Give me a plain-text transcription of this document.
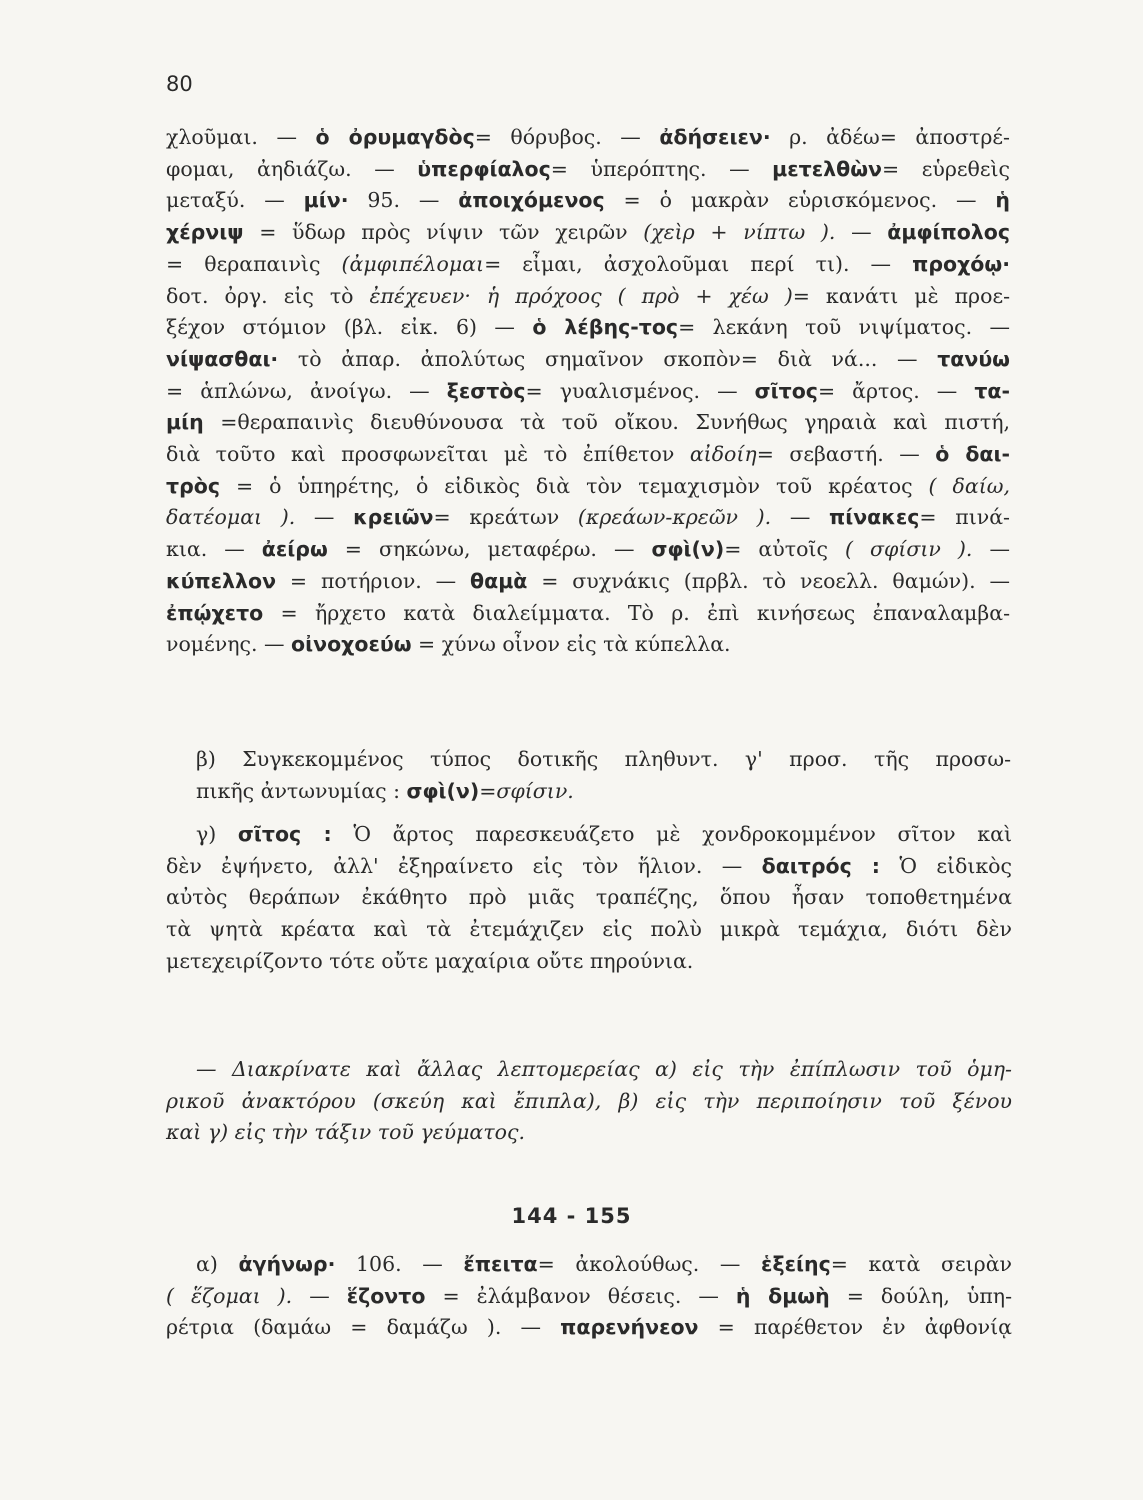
80
χλοῦμαι. — ὁ ὀρυμαγδὸς= θόρυβος. — ἀδήσειεν· ρ. ἀδέω= ἀποστρέ-
φομαι, ἀηδιάζω. — ὑπερφίαλος= ὑπερόπτης. — μετελθὼν= εὑρεθεὶς
μεταξύ. — μίν· 95. — ἀποιχόμενος = ὁ μακρὰν εὑρισκόμενος. — ἡ
χέρνιψ = ὕδωρ πρὸς νίψιν τῶν χειρῶν (χεὶρ + νίπτω ). — ἀμφίπολος
= θεραπαινὶς (ἀμφιπέλομαι= εἶμαι, ἀσχολοῦμαι περί τι). — προχόῳ·
δοτ. ὀργ. εἰς τὸ ἐπέχευεν· ἡ πρόχοος ( πρὸ + χέω )= κανάτι μὲ προε-
ξέχον στόμιον (βλ. εἰκ. 6) — ὁ λέβης-τος= λεκάνη τοῦ νιψίματος. —
νίψασθαι· τὸ ἀπαρ. ἀπολύτως σημαῖνον σκοπὸν= διὰ νά... — τανύω
= ἁπλώνω, ἀνοίγω. — ξεστὸς= γυαλισμένος. — σῖτος= ἄρτος. — τα-
μίη =θεραπαινὶς διευθύνουσα τὰ τοῦ οἴκου. Συνήθως γηραιὰ καὶ πιστή,
διὰ τοῦτο καὶ προσφωνεῖται μὲ τὸ ἐπίθετον αἰδοίη= σεβαστή. — ὁ δαι-
τρὸς = ὁ ὑπηρέτης, ὁ εἰδικὸς διὰ τὸν τεμαχισμὸν τοῦ κρέατος ( δαίω,
δατέομαι ). — κρειῶν= κρεάτων (κρεάων-κρεῶν ). — πίνακες= πινά-
κια. — ἀείρω = σηκώνω, μεταφέρω. — σφὶ(ν)= αὐτοῖς ( σφίσιν ). —
κύπελλον = ποτήριον. — θαμὰ = συχνάκις (πρβλ. τὸ νεοελλ. θαμών). —
ἐπῴχετο = ἤρχετο κατὰ διαλείμματα. Τὸ ρ. ἐπὶ κινήσεως ἐπαναλαμβα-
νομένης. — οἰνοχοεύω = χύνω οἶνον εἰς τὰ κύπελλα.
β) Συγκεκομμένος τύπος δοτικῆς πληθυντ. γ' προσ. τῆς προσω-
πικῆς ἀντωνυμίας : σφὶ(ν)=σφίσιν.
γ) σῖτος : Ὁ ἄρτος παρεσκευάζετο μὲ χονδροκομμένον σῖτον καὶ
δὲν ἐψήνετο, ἀλλ' ἐξηραίνετο εἰς τὸν ἥλιον. — δαιτρός : Ὁ εἰδικὸς
αὐτὸς θεράπων ἐκάθητο πρὸ μιᾶς τραπέζης, ὅπου ἦσαν τοποθετημένα
τὰ ψητὰ κρέατα καὶ τὰ ἐτεμάχιζεν εἰς πολὺ μικρὰ τεμάχια, διότι δὲν
μετεχειρίζοντο τότε οὔτε μαχαίρια οὔτε πηρούνια.
— Διακρίνατε καὶ ἄλλας λεπτομερείας α) εἰς τὴν ἐπίπλωσιν τοῦ ὁμη-
ρικοῦ ἀνακτόρου (σκεύη καὶ ἔπιπλα), β) εἰς τὴν περιποίησιν τοῦ ξένου
καὶ γ) εἰς τὴν τάξιν τοῦ γεύματος.
144 - 155
α) ἀγήνωρ· 106. — ἔπειτα= ἀκολούθως. — ἑξείης= κατὰ σειρὰν
( ἕζομαι ). — ἕζοντο = ἐλάμβανον θέσεις. — ἡ δμωὴ = δούλη, ὑπη-
ρέτρια (δαμάω = δαμάζω ). — παρενήνεον = παρέθετον ἐν ἀφθονίᾳ
